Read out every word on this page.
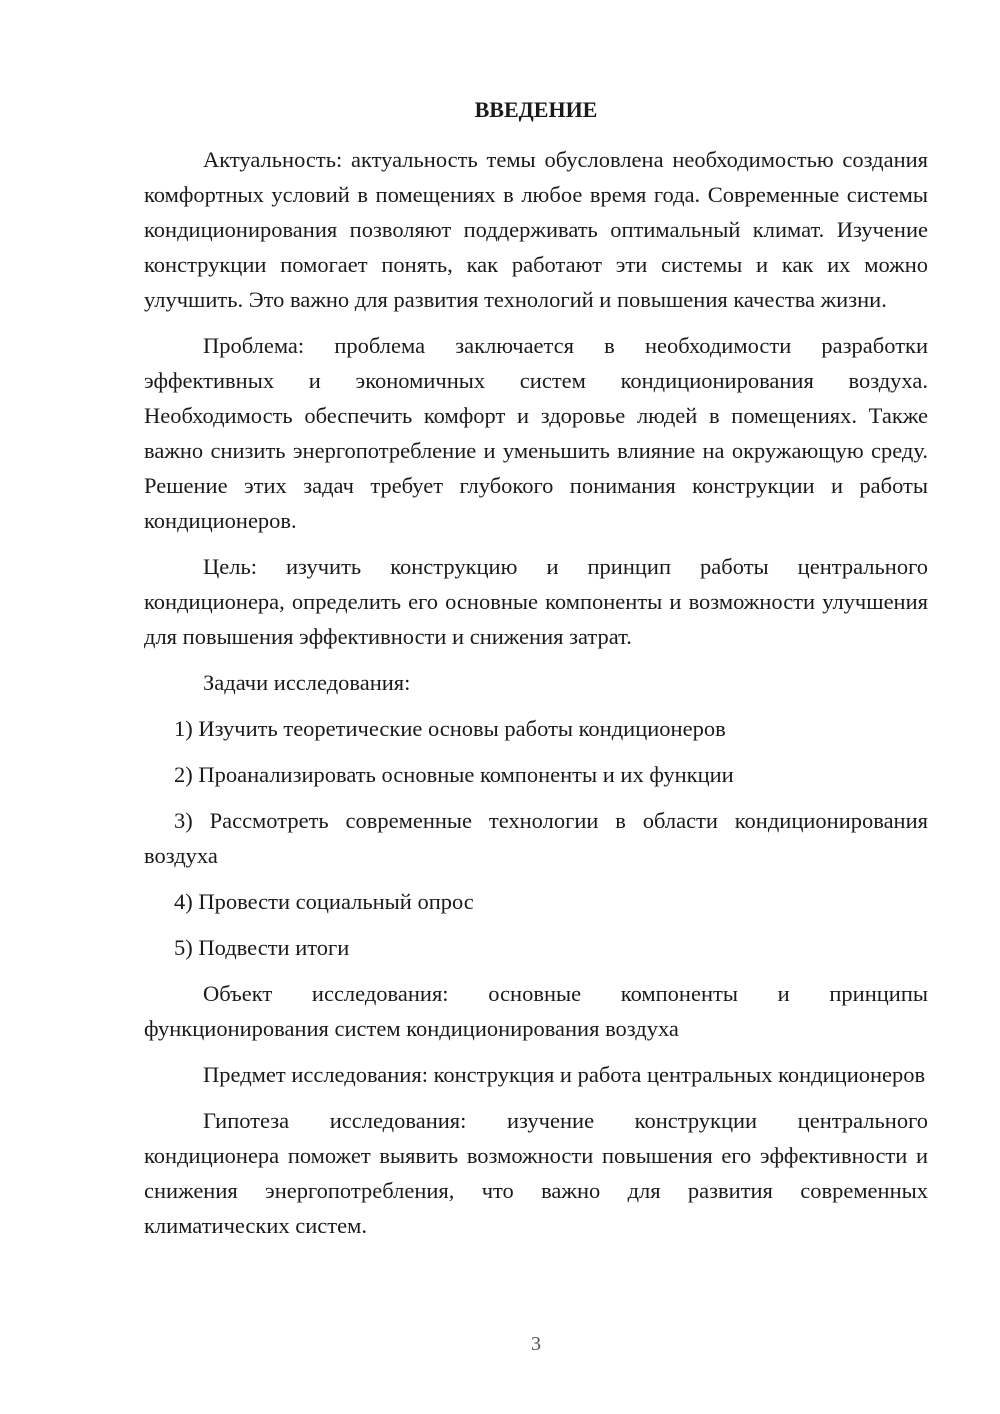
ВВЕДЕНИЕ

Актуальность: актуальность темы обусловлена необходимостью создания комфортных условий в помещениях в любое время года. Современные системы кондиционирования позволяют поддерживать оптимальный климат. Изучение конструкции помогает понять, как работают эти системы и как их можно улучшить. Это важно для развития технологий и повышения качества жизни.

Проблема: проблема заключается в необходимости разработки эффективных и экономичных систем кондиционирования воздуха. Необходимость обеспечить комфорт и здоровье людей в помещениях. Также важно снизить энергопотребление и уменьшить влияние на окружающую среду. Решение этих задач требует глубокого понимания конструкции и работы кондиционеров.

Цель: изучить конструкцию и принцип работы центрального кондиционера, определить его основные компоненты и возможности улучшения для повышения эффективности и снижения затрат.

Задачи исследования:

1) Изучить теоретические основы работы кондиционеров

2) Проанализировать основные компоненты и их функции

3) Рассмотреть современные технологии в области кондиционирования воздуха

4) Провести социальный опрос

5) Подвести итоги

Объект исследования: основные компоненты и принципы функционирования систем кондиционирования воздуха

Предмет исследования: конструкция и работа центральных кондиционеров

Гипотеза исследования: изучение конструкции центрального кондиционера поможет выявить возможности повышения его эффективности и снижения энергопотребления, что важно для развития современных климатических систем.

3
